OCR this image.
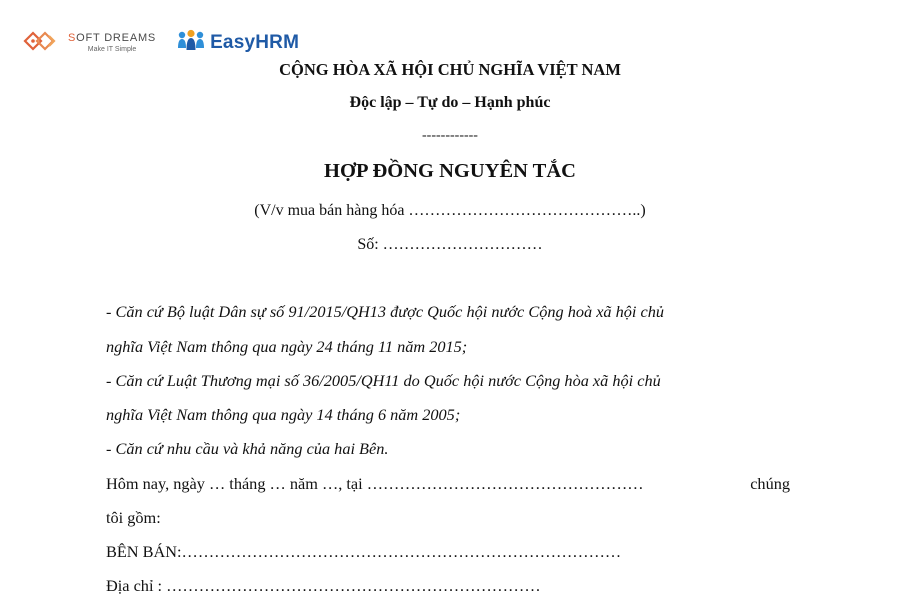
SOFT DREAMS
Make IT Simple	EasyHRM
CỘNG HÒA XÃ HỘI CHỦ NGHĨA VIỆT NAM
Độc lập – Tự do – Hạnh phúc
------------
HỢP ĐỒNG NGUYÊN TẮC
(V/v mua bán hàng hóa ……………………………………..)
Số: …………………………
- Căn cứ Bộ luật Dân sự số 91/2015/QH13 được Quốc hội nước Cộng hoà xã hội chủ
nghĩa Việt Nam thông qua ngày 24 tháng 11 năm 2015;
- Căn cứ Luật Thương mại số 36/2005/QH11 do Quốc hội nước Cộng hòa xã hội chủ
nghĩa Việt Nam thông qua ngày 14 tháng 6 năm 2005;
- Căn cứ nhu cầu và khả năng của hai Bên.
Hôm nay, ngày … tháng … năm …, tại ……………………………………………	chúng
tôi gồm:
BÊN BÁN:………………………………………………………………………
Địa chỉ : ……………………………………………………………
